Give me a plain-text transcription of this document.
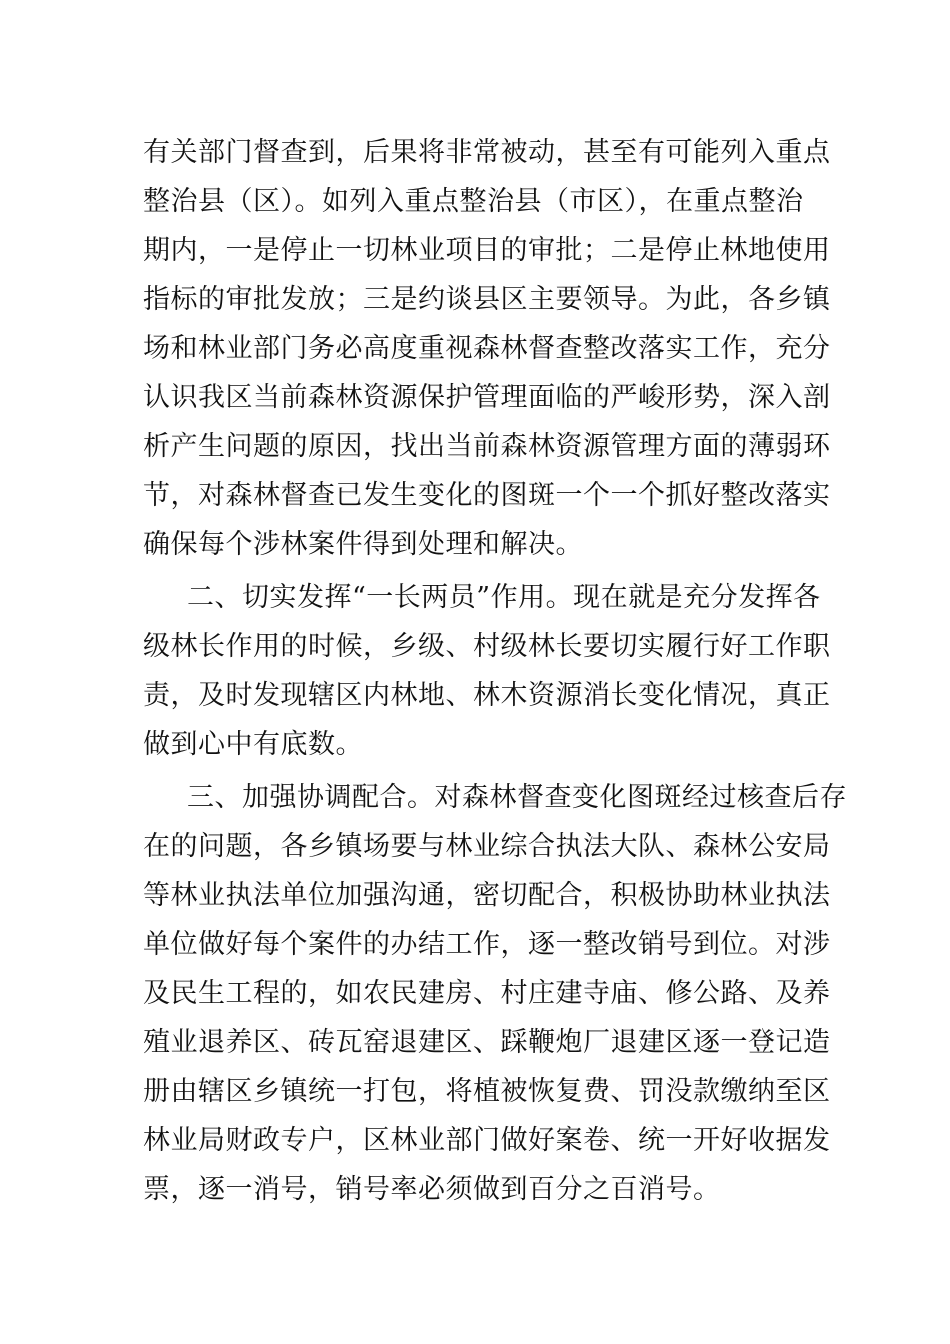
有关部门督查到，后果将非常被动，甚至有可能列入重点
整治县（区）。如列入重点整治县（市区），在重点整治
期内，一是停止一切林业项目的审批；二是停止林地使用
指标的审批发放；三是约谈县区主要领导。为此，各乡镇
场和林业部门务必高度重视森林督查整改落实工作，充分
认识我区当前森林资源保护管理面临的严峻形势，深入剖
析产生问题的原因，找出当前森林资源管理方面的薄弱环
节，对森林督查已发生变化的图斑一个一个抓好整改落实
确保每个涉林案件得到处理和解决。
二、切实发挥“一长两员”作用。现在就是充分发挥各
级林长作用的时候，乡级、村级林长要切实履行好工作职
责，及时发现辖区内林地、林木资源消长变化情况，真正
做到心中有底数。
三、加强协调配合。对森林督查变化图斑经过核查后存
在的问题，各乡镇场要与林业综合执法大队、森林公安局
等林业执法单位加强沟通，密切配合，积极协助林业执法
单位做好每个案件的办结工作，逐一整改销号到位。对涉
及民生工程的，如农民建房、村庄建寺庙、修公路、及养
殖业退养区、砖瓦窑退建区、踩鞭炮厂退建区逐一登记造
册由辖区乡镇统一打包，将植被恢复费、罚没款缴纳至区
林业局财政专户，区林业部门做好案卷、统一开好收据发
票，逐一消号，销号率必须做到百分之百消号。
